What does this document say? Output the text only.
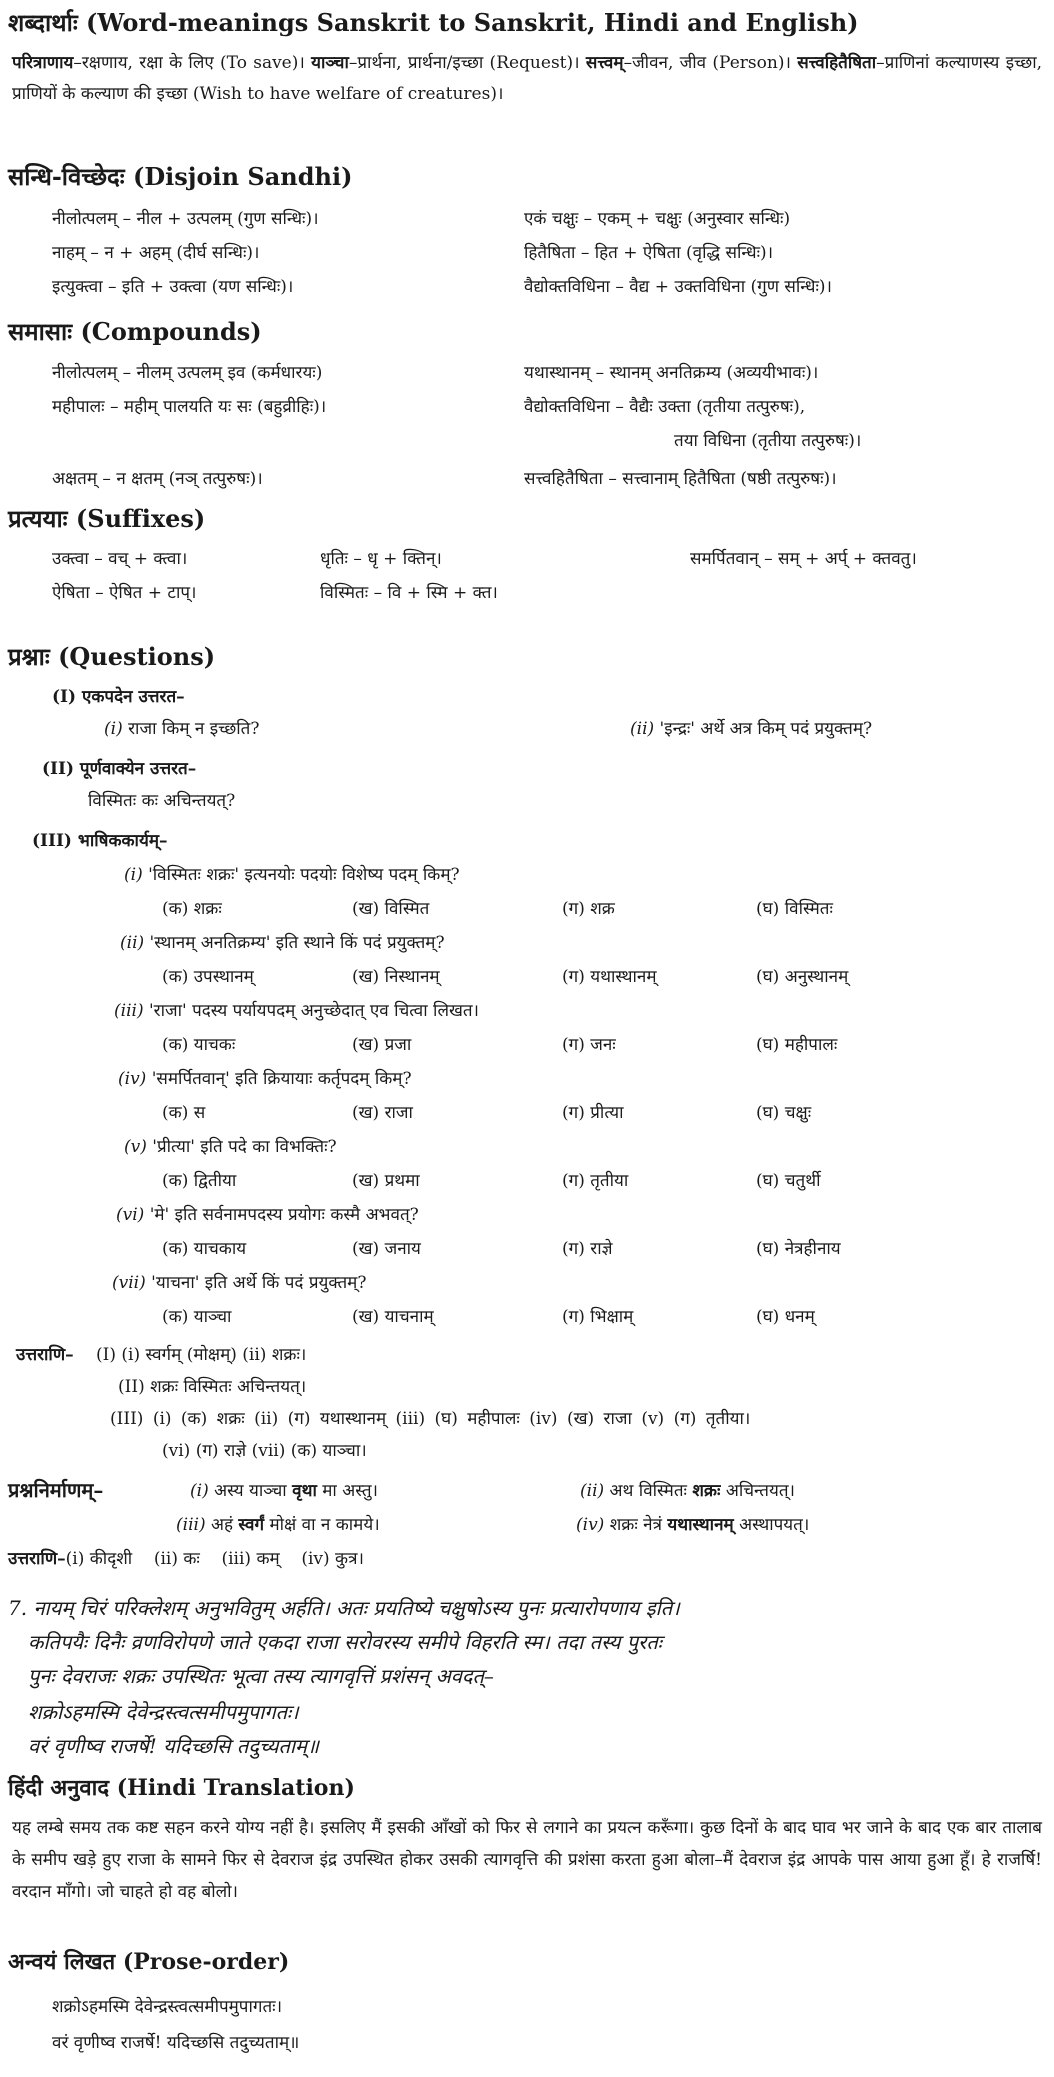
शब्दार्थाः (Word-meanings Sanskrit to Sanskrit, Hindi and English)
परित्राणाय–रक्षणाय, रक्षा के लिए (To save)। याञ्चा–प्रार्थना, प्रार्थना/इच्छा (Request)। सत्त्वम्–जीवन, जीव (Person)। सत्त्वहितैषिता–प्राणिनां कल्याणस्य इच्छा, प्राणियों के कल्याण की इच्छा (Wish to have welfare of creatures)।
सन्धि-विच्छेदः (Disjoin Sandhi)
नीलोत्पलम् – नील + उत्पलम् (गुण सन्धिः)।	एकं चक्षुः – एकम् + चक्षुः (अनुस्वार सन्धिः)
नाहम् – न + अहम् (दीर्घ सन्धिः)।	हितैषिता – हित + ऐषिता (वृद्धि सन्धिः)।
इत्युक्त्वा – इति + उक्त्वा (यण सन्धिः)।	वैद्योक्तविधिना – वैद्य + उक्तविधिना (गुण सन्धिः)।
समासाः (Compounds)
नीलोत्पलम् – नीलम् उत्पलम् इव (कर्मधारयः)	यथास्थानम् – स्थानम् अनतिक्रम्य (अव्ययीभावः)।
महीपालः – महीम् पालयति यः सः (बहुव्रीहिः)।	वैद्योक्तविधिना – वैद्यैः उक्ता (तृतीया तत्पुरुषः),
तया विधिना (तृतीया तत्पुरुषः)।
अक्षतम् – न क्षतम् (नञ् तत्पुरुषः)।	सत्त्वहितैषिता – सत्त्वानाम् हितैषिता (षष्ठी तत्पुरुषः)।
प्रत्ययाः (Suffixes)
उक्त्वा – वच् + क्त्वा।	धृतिः – धृ + क्तिन्।	समर्पितवान् – सम् + अर्प् + क्तवतु।
ऐषिता – ऐषित + टाप्।	विस्मितः – वि + स्मि + क्त।
प्रश्नाः (Questions)
(I) एकपदेन उत्तरत–
(i) राजा किम् न इच्छति?	(ii) 'इन्द्रः' अर्थे अत्र किम् पदं प्रयुक्तम्?
(II) पूर्णवाक्येन उत्तरत–
विस्मितः कः अचिन्तयत्?
(III) भाषिककार्यम्–
(i) 'विस्मितः शक्रः' इत्यनयोः पदयोः विशेष्य पदम् किम्?
(क) शक्रः	(ख) विस्मित	(ग) शक्र	(घ) विस्मितः
(ii) 'स्थानम् अनतिक्रम्य' इति स्थाने किं पदं प्रयुक्तम्?
(क) उपस्थानम्	(ख) निस्थानम्	(ग) यथास्थानम्	(घ) अनुस्थानम्
(iii) 'राजा' पदस्य पर्यायपदम् अनुच्छेदात् एव चित्वा लिखत।
(क) याचकः	(ख) प्रजा	(ग) जनः	(घ) महीपालः
(iv) 'समर्पितवान्' इति क्रियायाः कर्तृपदम् किम्?
(क) स	(ख) राजा	(ग) प्रीत्या	(घ) चक्षुः
(v) 'प्रीत्या' इति पदे का विभक्तिः?
(क) द्वितीया	(ख) प्रथमा	(ग) तृतीया	(घ) चतुर्थी
(vi) 'मे' इति सर्वनामपदस्य प्रयोगः कस्मै अभवत्?
(क) याचकाय	(ख) जनाय	(ग) राज्ञे	(घ) नेत्रहीनाय
(vii) 'याचना' इति अर्थे किं पदं प्रयुक्तम्?
(क) याञ्चा	(ख) याचनाम्	(ग) भिक्षाम्	(घ) धनम्
उत्तराणि– (I) (i) स्वर्गम् (मोक्षम्) (ii) शक्रः।
(II) शक्रः विस्मितः अचिन्तयत्।
(III) (i) (क) शक्रः (ii) (ग) यथास्थानम् (iii) (घ) महीपालः (iv) (ख) राजा (v) (ग) तृतीया।
(vi) (ग) राज्ञे (vii) (क) याञ्चा।
प्रश्ननिर्माणम्–	(i) अस्य याञ्चा वृथा मा अस्तु।	(ii) अथ विस्मितः शक्रः अचिन्तयत्।
(iii) अहं स्वर्गं मोक्षं वा न कामये।	(iv) शक्रः नेत्रं यथास्थानम् अस्थापयत्।
उत्तराणि–(i) कीदृशी (ii) कः (iii) कम् (iv) कुत्र।
7. नायम् चिरं परिक्लेशम् अनुभवितुम् अर्हति। अतः प्रयतिष्ये चक्षुषोऽस्य पुनः प्रत्यारोपणाय इति।
कतिपयैः दिनैः व्रणविरोपणे जाते एकदा राजा सरोवरस्य समीपे विहरति स्म। तदा तस्य पुरतः
पुनः देवराजः शक्रः उपस्थितः भूत्वा तस्य त्यागवृत्तिं प्रशंसन् अवदत्–
शक्रोऽहमस्मि देवेन्द्रस्त्वत्समीपमुपागतः।
वरं वृणीष्व राजर्षे! यदिच्छसि तदुच्यताम्॥
हिंदी अनुवाद (Hindi Translation)
यह लम्बे समय तक कष्ट सहन करने योग्य नहीं है। इसलिए मैं इसकी आँखों को फिर से लगाने का प्रयत्न करूँगा। कुछ दिनों के बाद घाव भर जाने के बाद एक बार तालाब के समीप खड़े हुए राजा के सामने फिर से देवराज इंद्र उपस्थित होकर उसकी त्यागवृत्ति की प्रशंसा करता हुआ बोला–मैं देवराज इंद्र आपके पास आया हुआ हूँ। हे राजर्षि! वरदान माँगो। जो चाहते हो वह बोलो।
अन्वयं लिखत (Prose-order)
शक्रोऽहमस्मि देवेन्द्रस्त्वत्समीपमुपागतः।
वरं वृणीष्व राजर्षे! यदिच्छसि तदुच्यताम्॥
